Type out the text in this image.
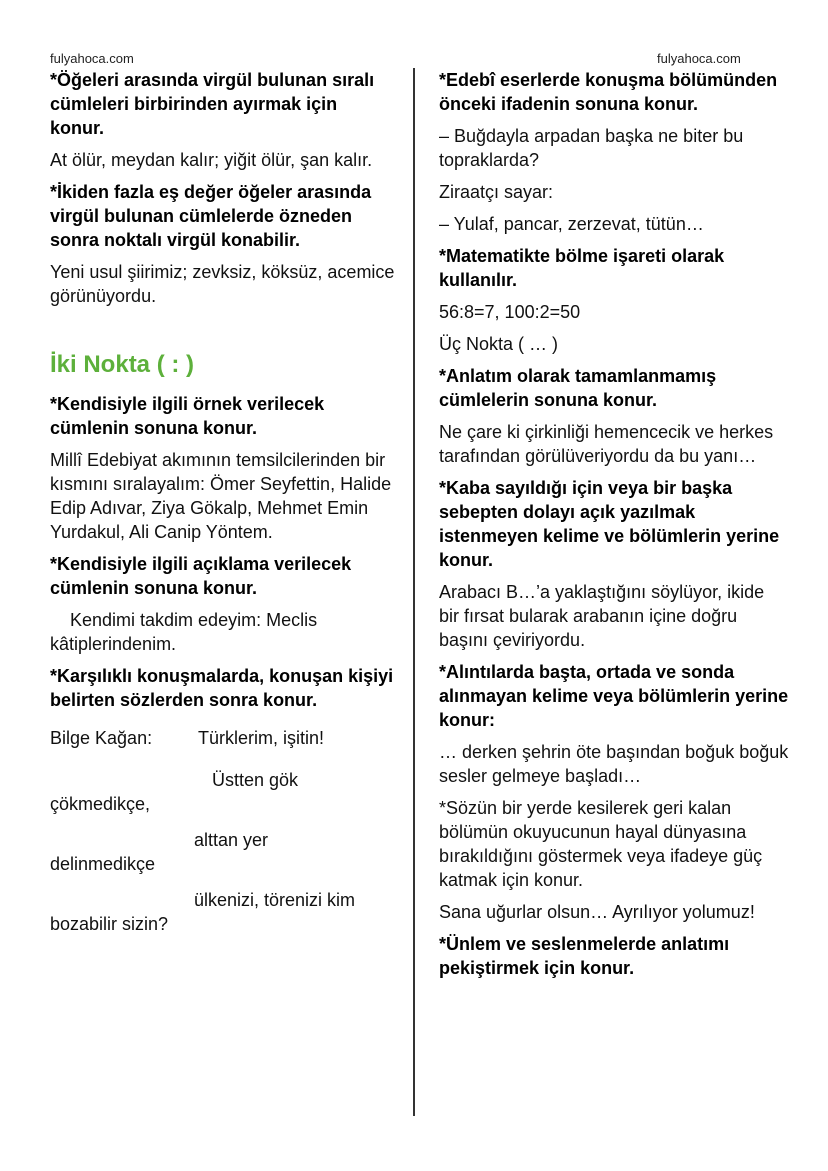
fulyahoca.com	fulyahoca.com

*Öğeleri arasında virgül bulunan sıralı cümleleri birbirinden ayırmak için konur.

At ölür, meydan kalır; yiğit ölür, şan kalır.

*İkiden fazla eş değer öğeler arasında virgül bulunan cümlelerde özneden sonra noktalı virgül konabilir.

Yeni usul şiirimiz; zevksiz, köksüz, acemice görünüyordu.

İki Nokta ( : )

*Kendisiyle ilgili örnek verilecek cümlenin sonuna konur.

Millî Edebiyat akımının temsilcilerinden bir kısmını sıralayalım: Ömer Seyfettin, Halide Edip Adıvar, Ziya Gökalp, Mehmet Emin Yurdakul, Ali Canip Yöntem.

*Kendisiyle ilgili açıklama verilecek cümlenin sonuna konur.

Kendimi takdim edeyim: Meclis kâtiplerindenim.

*Karşılıklı konuşmalarda, konuşan kişiyi belirten sözlerden sonra konur.

Bilge Kağan:	Türklerim, işitin!
Üstten gök
çökmedikçe,
alttan yer
delinmedikçe
ülkenizi, törenizi kim
bozabilir sizin?

*Edebî eserlerde konuşma bölümünden önceki ifadenin sonuna konur.

– Buğdayla arpadan başka ne biter bu topraklarda?

Ziraatçı sayar:

– Yulaf, pancar, zerzevat, tütün…

*Matematikte bölme işareti olarak kullanılır.

56:8=7, 100:2=50

Üç Nokta ( … )

*Anlatım olarak tamamlanmamış cümlelerin sonuna konur.

Ne çare ki çirkinliği hemencecik ve herkes tarafından görülüveriyordu da bu yanı…

*Kaba sayıldığı için veya bir başka sebepten dolayı açık yazılmak istenmeyen kelime ve bölümlerin yerine konur.

Arabacı B…’a yaklaştığını söylüyor, ikide bir fırsat bularak arabanın içine doğru başını çeviriyordu.

*Alıntılarda başta, ortada ve sonda alınmayan kelime veya bölümlerin yerine konur:

… derken şehrin öte başından boğuk boğuk sesler gelmeye başladı…

*Sözün bir yerde kesilerek geri kalan bölümün okuyucunun hayal dünyasına bırakıldığını göstermek veya ifadeye güç katmak için konur.

Sana uğurlar olsun… Ayrılıyor yolumuz!

*Ünlem ve seslenmelerde anlatımı pekiştirmek için konur.
